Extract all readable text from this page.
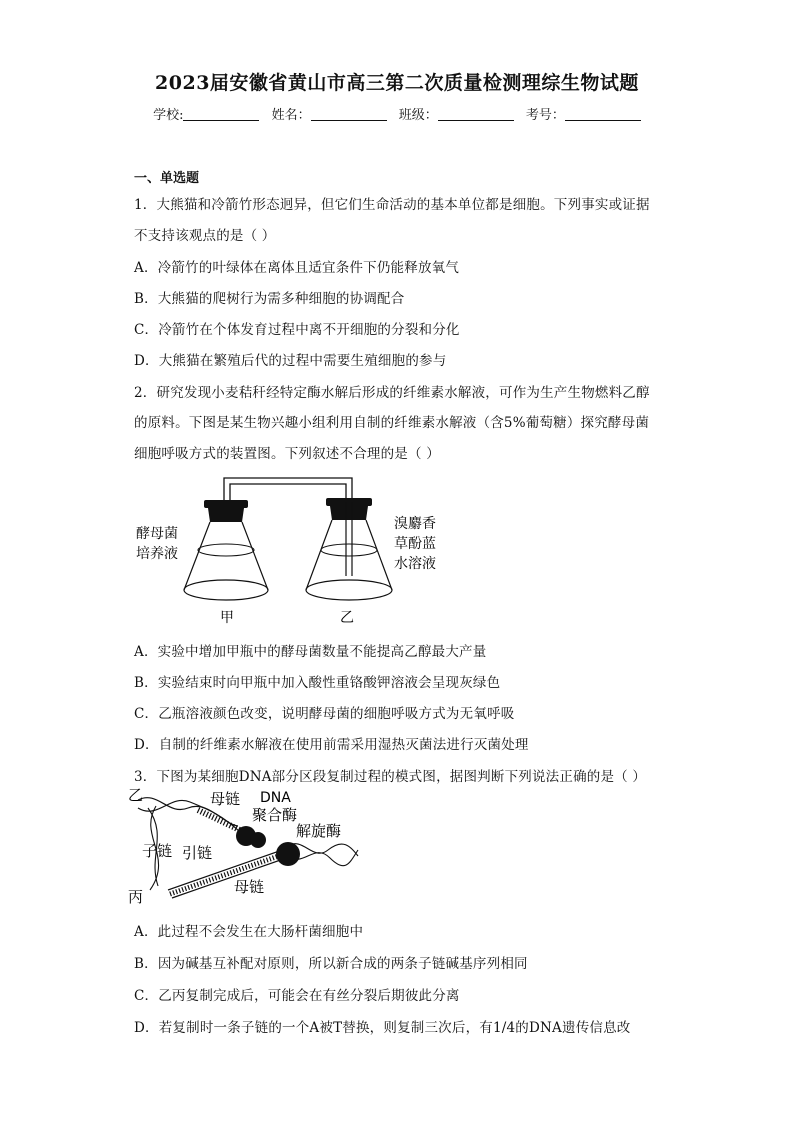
2023届安徽省黄山市高三第二次质量检测理综生物试题
学校:	姓名：	班级：	考号：
一、单选题
1．大熊猫和冷箭竹形态迥异，但它们生命活动的基本单位都是细胞。下列事实或证据
不支持该观点的是（ ）
A．冷箭竹的叶绿体在离体且适宜条件下仍能释放氧气
B．大熊猫的爬树行为需多种细胞的协调配合
C．冷箭竹在个体发育过程中离不开细胞的分裂和分化
D．大熊猫在繁殖后代的过程中需要生殖细胞的参与
2．研究发现小麦秸秆经特定酶水解后形成的纤维素水解液，可作为生产生物燃料乙醇
的原料。下图是某生物兴趣小组利用自制的纤维素水解液（含5%葡萄糖）探究酵母菌
细胞呼吸方式的装置图。下列叙述不合理的是（ ）
酵母菌
培养液
溴麝香
草酚蓝
水溶液
甲	乙
A．实验中增加甲瓶中的酵母菌数量不能提高乙醇最大产量
B．实验结束时向甲瓶中加入酸性重铬酸钾溶液会呈现灰绿色
C．乙瓶溶液颜色改变，说明酵母菌的细胞呼吸方式为无氧呼吸
D．自制的纤维素水解液在使用前需采用湿热灭菌法进行灭菌处理
3．下图为某细胞DNA部分区段复制过程的模式图，据图判断下列说法正确的是（ ）
乙	母链 DNA
聚合酶
解旋酶
子链 引链
丙
母链
A．此过程不会发生在大肠杆菌细胞中
B．因为碱基互补配对原则，所以新合成的两条子链碱基序列相同
C．乙丙复制完成后，可能会在有丝分裂后期彼此分离
D．若复制时一条子链的一个A被T替换，则复制三次后，有1/4的DNA遗传信息改
